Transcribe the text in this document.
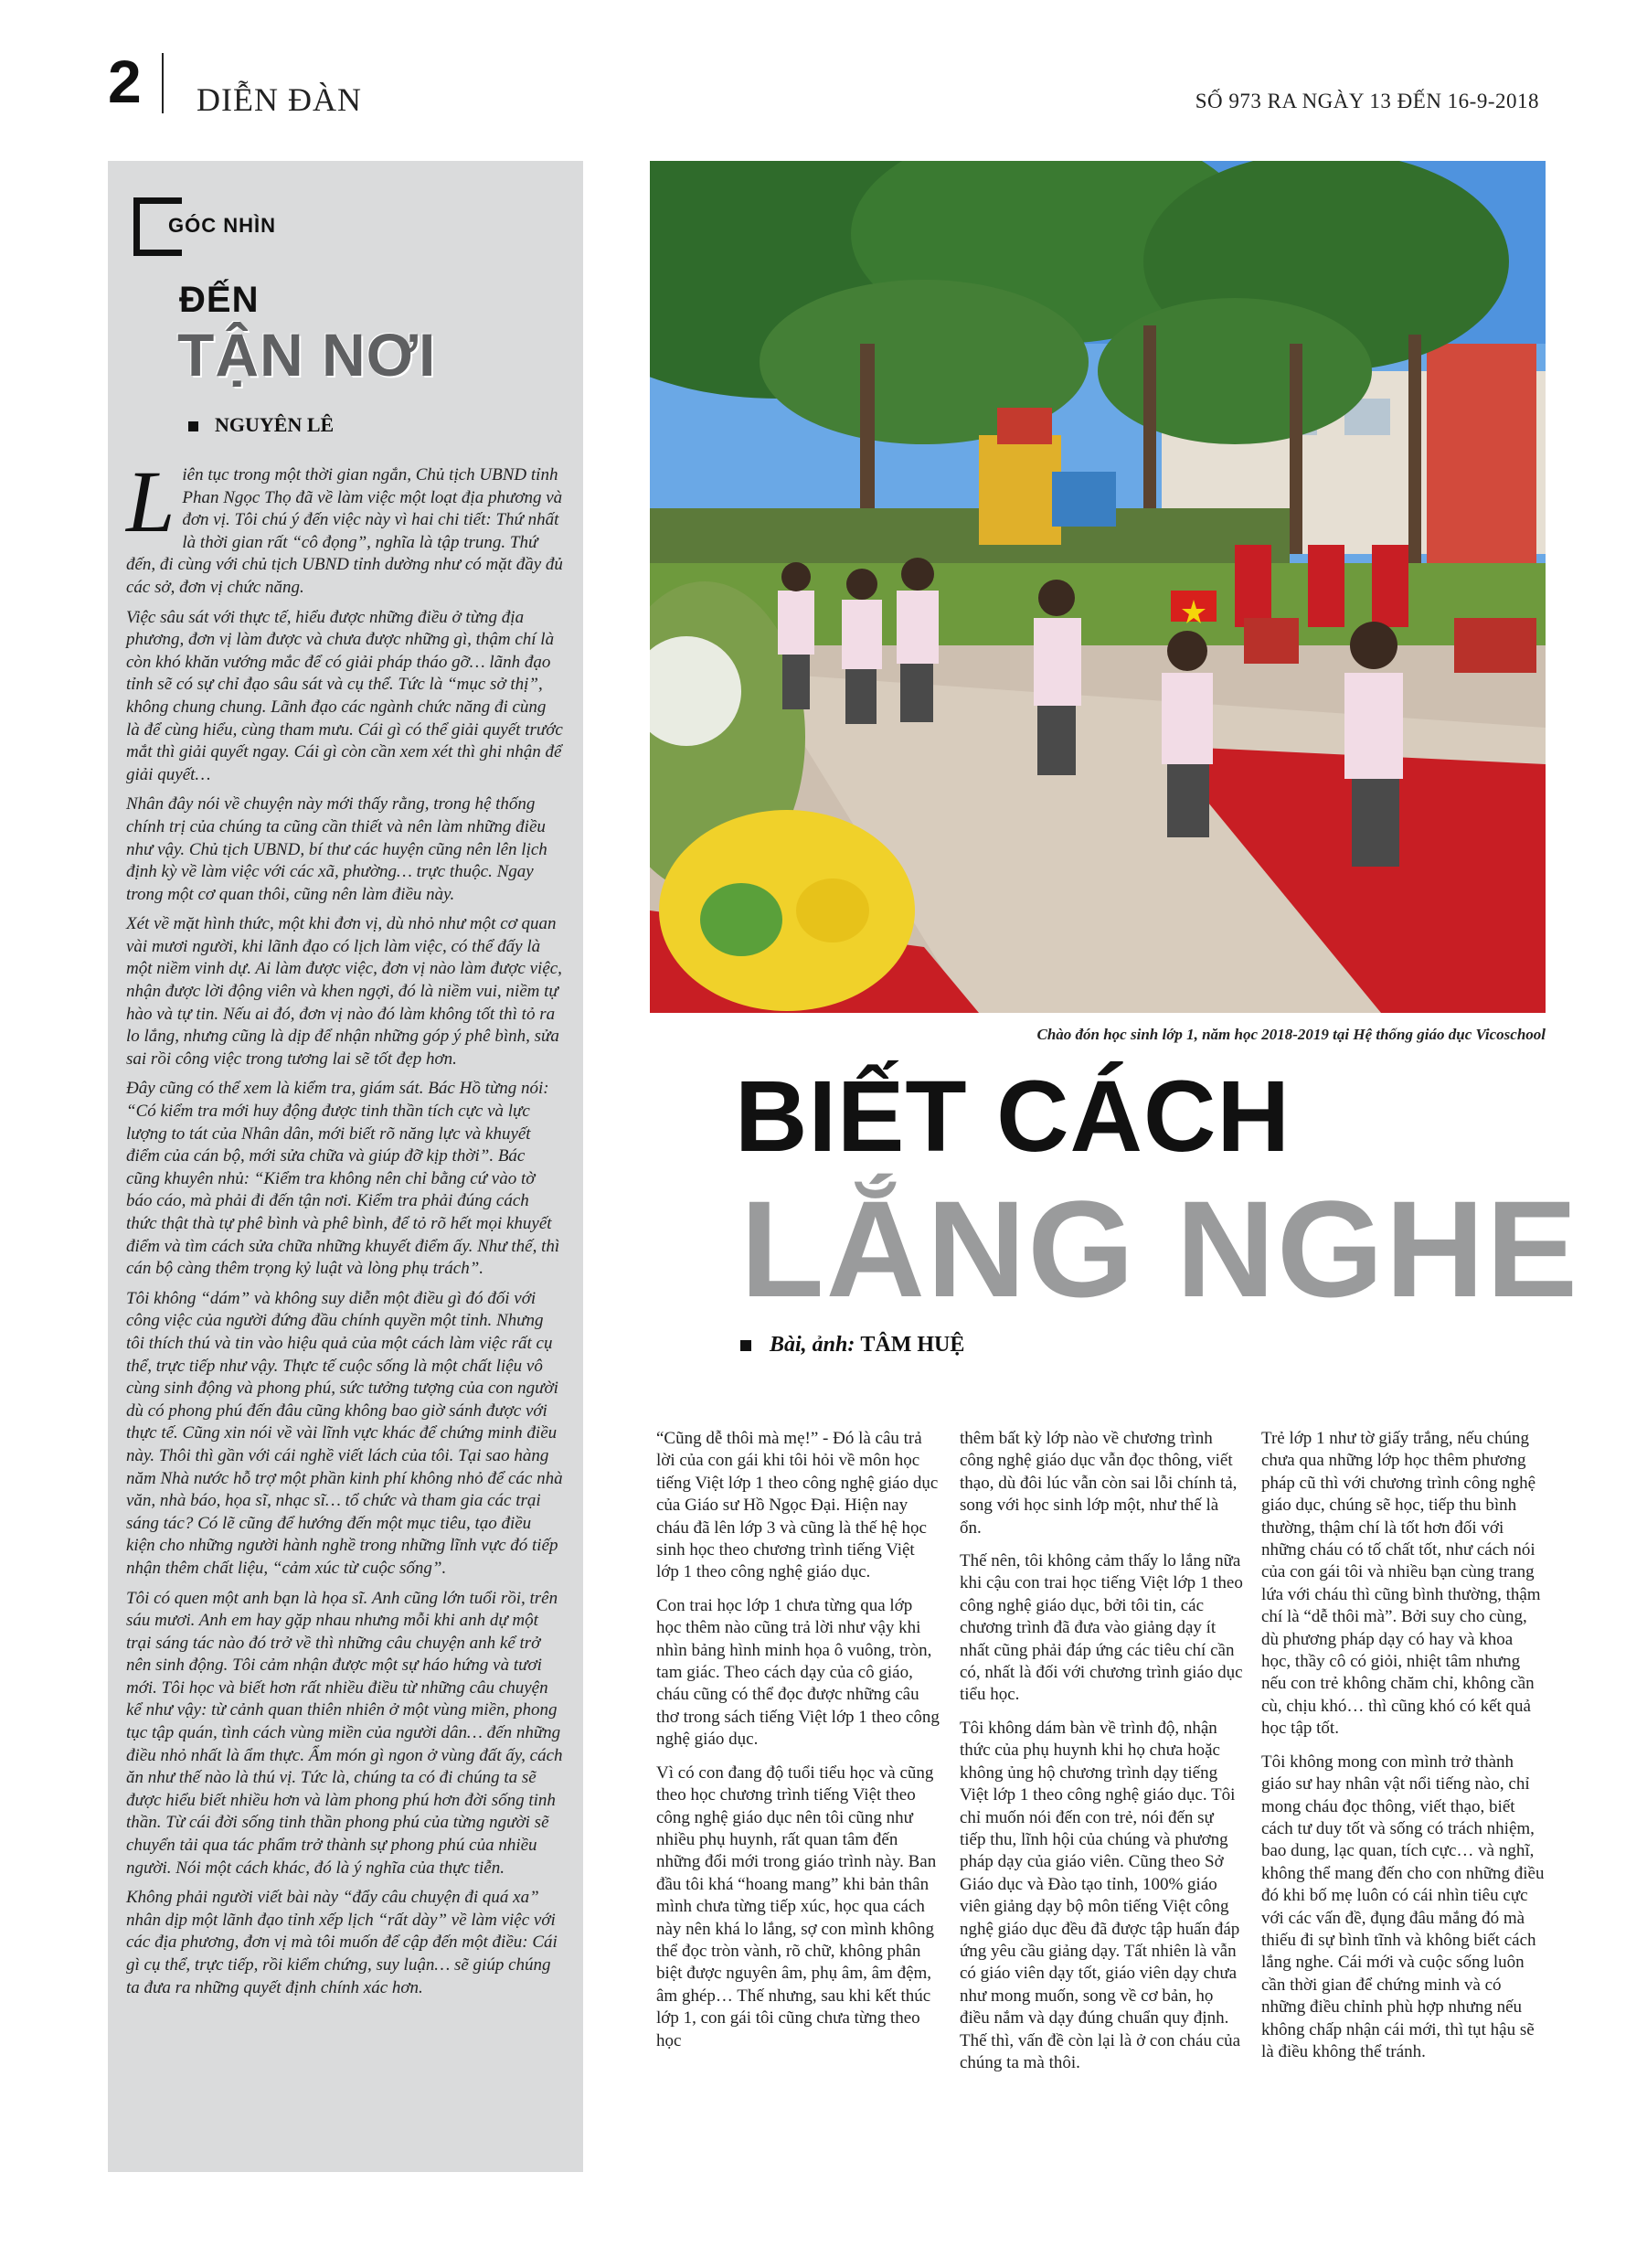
2 DIỄN ĐÀN	SỐ 973 RA NGÀY 13 ĐẾN 16-9-2018
GÓC NHÌN
ĐẾN
TẬN NƠI
NGUYÊN LÊ

Liên tục trong một thời gian ngắn, Chủ tịch UBND tỉnh Phan Ngọc Thọ đã về làm việc một loạt địa phương và đơn vị. Tôi chú ý đến việc này vì hai chi tiết: Thứ nhất là thời gian rất “cô đọng”, nghĩa là tập trung. Thứ đến, đi cùng với chủ tịch UBND tỉnh dường như có mặt đầy đủ các sở, đơn vị chức năng.

Việc sâu sát với thực tế, hiểu được những điều ở từng địa phương, đơn vị làm được và chưa được những gì, thậm chí là còn khó khăn vướng mắc để có giải pháp tháo gỡ… lãnh đạo tỉnh sẽ có sự chỉ đạo sâu sát và cụ thể. Tức là “mục sở thị”, không chung chung. Lãnh đạo các ngành chức năng đi cùng là để cùng hiểu, cùng tham mưu. Cái gì có thể giải quyết trước mắt thì giải quyết ngay. Cái gì còn cần xem xét thì ghi nhận để giải quyết…

Nhân đây nói về chuyện này mới thấy rằng, trong hệ thống chính trị của chúng ta cũng cần thiết và nên làm những điều như vậy. Chủ tịch UBND, bí thư các huyện cũng nên lên lịch định kỳ về làm việc với các xã, phường… trực thuộc. Ngay trong một cơ quan thôi, cũng nên làm điều này.

Xét về mặt hình thức, một khi đơn vị, dù nhỏ như một cơ quan vài mươi người, khi lãnh đạo có lịch làm việc, có thể đấy là một niềm vinh dự. Ai làm được việc, đơn vị nào làm được việc, nhận được lời động viên và khen ngợi, đó là niềm vui, niềm tự hào và tự tin. Nếu ai đó, đơn vị nào đó làm không tốt thì tỏ ra lo lắng, nhưng cũng là dịp để nhận những góp ý phê bình, sửa sai rồi công việc trong tương lai sẽ tốt đẹp hơn.

Đây cũng có thể xem là kiểm tra, giám sát. Bác Hồ từng nói: “Có kiểm tra mới huy động được tinh thần tích cực và lực lượng to tát của Nhân dân, mới biết rõ năng lực và khuyết điểm của cán bộ, mới sửa chữa và giúp đỡ kịp thời”. Bác cũng khuyên nhủ: “Kiểm tra không nên chỉ bằng cứ vào tờ báo cáo, mà phải đi đến tận nơi. Kiểm tra phải đúng cách thức thật thà tự phê bình và phê bình, để tỏ rõ hết mọi khuyết điểm và tìm cách sửa chữa những khuyết điểm ấy. Như thế, thì cán bộ càng thêm trọng kỷ luật và lòng phụ trách”.

Tôi không “dám” và không suy diễn một điều gì đó đối với công việc của người đứng đầu chính quyền một tỉnh. Nhưng tôi thích thú và tin vào hiệu quả của một cách làm việc rất cụ thể, trực tiếp như vậy. Thực tế cuộc sống là một chất liệu vô cùng sinh động và phong phú, sức tưởng tượng của con người dù có phong phú đến đâu cũng không bao giờ sánh được với thực tế. Cũng xin nói về vài lĩnh vực khác để chứng minh điều này. Thôi thì gần với cái nghề viết lách của tôi. Tại sao hàng năm Nhà nước hỗ trợ một phần kinh phí không nhỏ để các nhà văn, nhà báo, họa sĩ, nhạc sĩ… tổ chức và tham gia các trại sáng tác? Có lẽ cũng để hướng đến một mục tiêu, tạo điều kiện cho những người hành nghề trong những lĩnh vực đó tiếp nhận thêm chất liệu, “cảm xúc từ cuộc sống”.

Tôi có quen một anh bạn là họa sĩ. Anh cũng lớn tuổi rồi, trên sáu mươi. Anh em hay gặp nhau nhưng mỗi khi anh dự một trại sáng tác nào đó trở về thì những câu chuyện anh kể trở nên sinh động. Tôi cảm nhận được một sự háo hứng và tươi mới. Tôi học và biết hơn rất nhiều điều từ những câu chuyện kể như vậy: từ cảnh quan thiên nhiên ở một vùng miền, phong tục tập quán, tình cách vùng miền của người dân… đến những điều nhỏ nhất là ẩm thực. Ẩm món gì ngon ở vùng đất ấy, cách ăn như thế nào là thú vị. Tức là, chúng ta có đi chúng ta sẽ được hiểu biết nhiều hơn và làm phong phú hơn đời sống tinh thần. Từ cái đời sống tinh thần phong phú của từng người sẽ chuyển tải qua tác phẩm trở thành sự phong phú của nhiều người. Nói một cách khác, đó là ý nghĩa của thực tiễn.

Không phải người viết bài này “đẩy câu chuyện đi quá xa” nhân dịp một lãnh đạo tỉnh xếp lịch “rất dày” về làm việc với các địa phương, đơn vị mà tôi muốn để cập đến một điều: Cái gì cụ thể, trực tiếp, rồi kiểm chứng, suy luận… sẽ giúp chúng ta đưa ra những quyết định chính xác hơn.

Chào đón học sinh lớp 1, năm học 2018-2019 tại Hệ thống giáo dục Vicoschool
BIẾT CÁCH
LẮNG NGHE
Bài, ảnh: TÂM HUỆ

“Cũng dễ thôi mà mẹ!” - Đó là câu trả lời của con gái khi tôi hỏi về môn học tiếng Việt lớp 1 theo công nghệ giáo dục của Giáo sư Hồ Ngọc Đại. Hiện nay cháu đã lên lớp 3 và cũng là thế hệ học sinh học theo chương trình tiếng Việt lớp 1 theo công nghệ giáo dục.

Con trai học lớp 1 chưa từng qua lớp học thêm nào cũng trả lời như vậy khi nhìn bảng hình minh họa ô vuông, tròn, tam giác. Theo cách dạy của cô giáo, cháu cũng có thể đọc được những câu thơ trong sách tiếng Việt lớp 1 theo công nghệ giáo dục.

Vì có con đang độ tuổi tiểu học và cũng theo học chương trình tiếng Việt theo công nghệ giáo dục nên tôi cũng như nhiều phụ huynh, rất quan tâm đến những đổi mới trong giáo trình này. Ban đầu tôi khá “hoang mang” khi bản thân mình chưa từng tiếp xúc, học qua cách này nên khá lo lắng, sợ con mình không thể đọc tròn vành, rõ chữ, không phân biệt được nguyên âm, phụ âm, âm đệm, âm ghép… Thế nhưng, sau khi kết thúc lớp 1, con gái tôi cũng chưa từng theo học

thêm bất kỳ lớp nào về chương trình công nghệ giáo dục vẫn đọc thông, viết thạo, dù đôi lúc vẫn còn sai lỗi chính tả, song với học sinh lớp một, như thế là ổn.

Thế nên, tôi không cảm thấy lo lắng nữa khi cậu con trai học tiếng Việt lớp 1 theo công nghệ giáo dục, bởi tôi tin, các chương trình đã đưa vào giảng dạy ít nhất cũng phải đáp ứng các tiêu chí cần có, nhất là đối với chương trình giáo dục tiểu học.

Tôi không dám bàn về trình độ, nhận thức của phụ huynh khi họ chưa hoặc không ủng hộ chương trình dạy tiếng Việt lớp 1 theo công nghệ giáo dục. Tôi chỉ muốn nói đến con trẻ, nói đến sự tiếp thu, lĩnh hội của chúng và phương pháp dạy của giáo viên. Cũng theo Sở Giáo dục và Đào tạo tỉnh, 100% giáo viên giảng dạy bộ môn tiếng Việt công nghệ giáo dục đều đã được tập huấn đáp ứng yêu cầu giảng dạy. Tất nhiên là vẫn có giáo viên dạy tốt, giáo viên dạy chưa như mong muốn, song về cơ bản, họ điều nắm và dạy đúng chuẩn quy định. Thế thì, vấn đề còn lại là ở con cháu của chúng ta mà thôi.

Trẻ lớp 1 như tờ giấy trắng, nếu chúng chưa qua những lớp học thêm phương pháp cũ thì với chương trình công nghệ giáo dục, chúng sẽ học, tiếp thu bình thường, thậm chí là tốt hơn đối với những cháu có tố chất tốt, như cách nói của con gái tôi và nhiều bạn cùng trang lứa với cháu thì cũng bình thường, thậm chí là “dễ thôi mà”. Bởi suy cho cùng, dù phương pháp dạy có hay và khoa học, thầy cô có giỏi, nhiệt tâm nhưng nếu con trẻ không chăm chỉ, không cần cù, chịu khó… thì cũng khó có kết quả học tập tốt.

Tôi không mong con mình trở thành giáo sư hay nhân vật nổi tiếng nào, chỉ mong cháu đọc thông, viết thạo, biết cách tư duy tốt và sống có trách nhiệm, bao dung, lạc quan, tích cực… và nghĩ, không thể mang đến cho con những điều đó khi bố mẹ luôn có cái nhìn tiêu cực với các vấn đề, đụng đâu mắng đó mà thiếu đi sự bình tĩnh và không biết cách lắng nghe. Cái mới và cuộc sống luôn cần thời gian để chứng minh và có những điều chỉnh phù hợp nhưng nếu không chấp nhận cái mới, thì tụt hậu sẽ là điều không thể tránh.
